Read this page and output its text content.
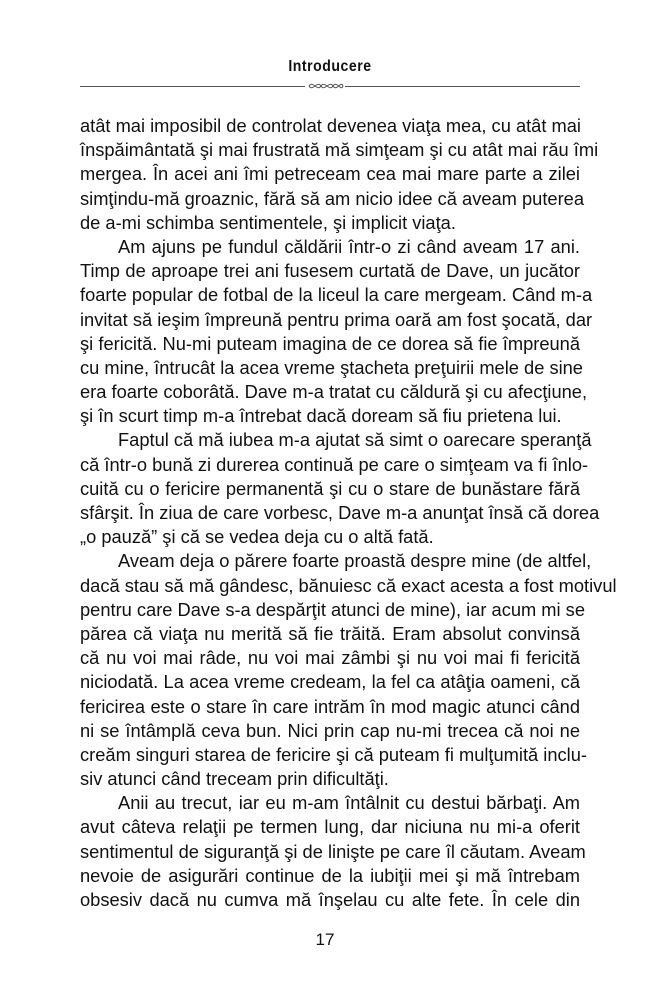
Introducere
atât mai imposibil de controlat devenea viaţa mea, cu atât mai
înspăimântată şi mai frustrată mă simţeam şi cu atât mai rău îmi
mergea. În acei ani îmi petreceam cea mai mare parte a zilei
simţindu-mă groaznic, fără să am nicio idee că aveam puterea
de a-mi schimba sentimentele, şi implicit viaţa.
Am ajuns pe fundul căldării într-o zi când aveam 17 ani.
Timp de aproape trei ani fusesem curtată de Dave, un jucător
foarte popular de fotbal de la liceul la care mergeam. Când m-a
invitat să ieşim împreună pentru prima oară am fost şocată, dar
şi fericită. Nu-mi puteam imagina de ce dorea să fie împreună
cu mine, întrucât la acea vreme ştacheta preţuirii mele de sine
era foarte coborâtă. Dave m-a tratat cu căldură şi cu afecţiune,
şi în scurt timp m-a întrebat dacă doream să fiu prietena lui.
Faptul că mă iubea m-a ajutat să simt o oarecare speranţă
că într-o bună zi durerea continuă pe care o simţeam va fi înlo-
cuită cu o fericire permanentă şi cu o stare de bunăstare fără
sfârşit. În ziua de care vorbesc, Dave m-a anunţat însă că dorea
„o pauză” şi că se vedea deja cu o altă fată.
Aveam deja o părere foarte proastă despre mine (de altfel,
dacă stau să mă gândesc, bănuiesc că exact acesta a fost motivul
pentru care Dave s-a despărţit atunci de mine), iar acum mi se
părea că viaţa nu merită să fie trăită. Eram absolut convinsă
că nu voi mai râde, nu voi mai zâmbi şi nu voi mai fi fericită
niciodată. La acea vreme credeam, la fel ca atâţia oameni, că
fericirea este o stare în care intrăm în mod magic atunci când
ni se întâmplă ceva bun. Nici prin cap nu-mi trecea că noi ne
creăm singuri starea de fericire şi că puteam fi mulţumită inclu-
siv atunci când treceam prin dificultăţi.
Anii au trecut, iar eu m-am întâlnit cu destui bărbaţi. Am
avut câteva relaţii pe termen lung, dar niciuna nu mi-a oferit
sentimentul de siguranţă şi de linişte pe care îl căutam. Aveam
nevoie de asigurări continue de la iubiţii mei şi mă întrebam
obsesiv dacă nu cumva mă înşelau cu alte fete. În cele din
17
